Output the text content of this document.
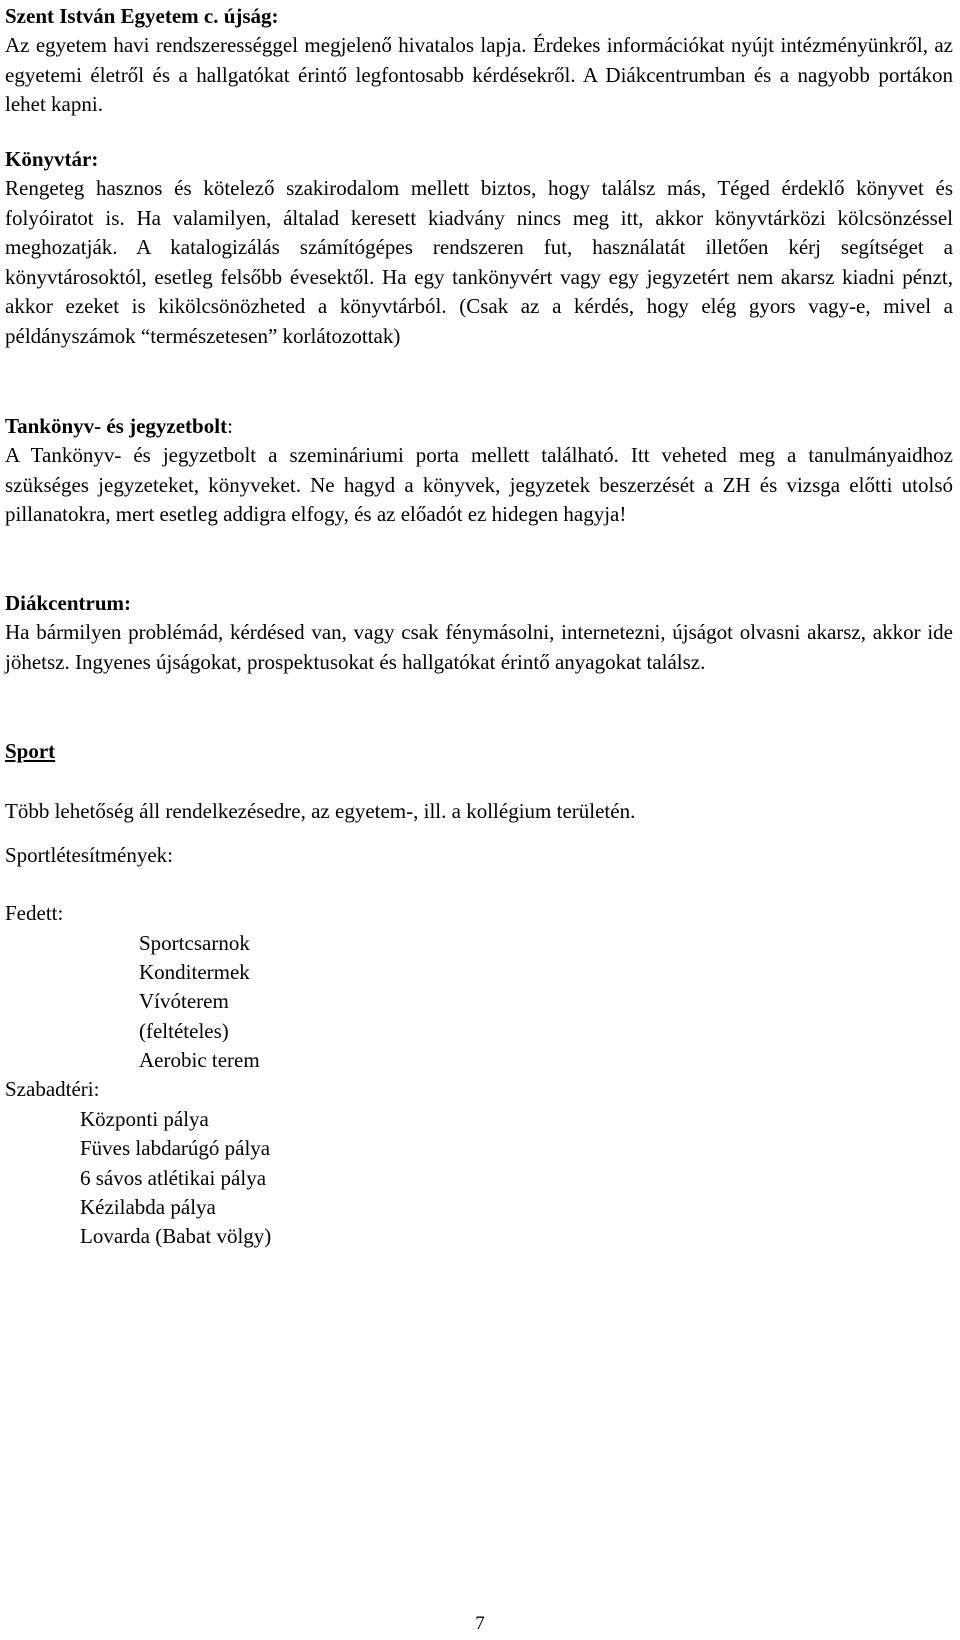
Szent István Egyetem c. újság:
Az egyetem havi rendszerességgel megjelenő hivatalos lapja. Érdekes információkat nyújt intézményünkről, az egyetemi életről és a hallgatókat érintő legfontosabb kérdésekről. A Diákcentrumban és a nagyobb portákon lehet kapni.
Könyvtár:
Rengeteg hasznos és kötelező szakirodalom mellett biztos, hogy találsz más, Téged érdeklő könyvet és folyóiratot is. Ha valamilyen, általad keresett kiadvány nincs meg itt, akkor könyvtárközi kölcsönzéssel meghozatják. A katalogizálás számítógépes rendszeren fut, használatát illetően kérj segítséget a könyvtárosoktól, esetleg felsőbb évesektől. Ha egy tankönyvért vagy egy jegyzetért nem akarsz kiadni pénzt, akkor ezeket is kikölcsönözheted a könyvtárból. (Csak az a kérdés, hogy elég gyors vagy-e, mivel a példányszámok “természetesen” korlátozottak)
Tankönyv- és jegyzetbolt:
A Tankönyv- és jegyzetbolt a szemináriumi porta mellett található. Itt veheted meg a tanulmányaidhoz szükséges jegyzeteket, könyveket. Ne hagyd a könyvek, jegyzetek beszerzését a ZH és vizsga előtti utolsó pillanatokra, mert esetleg addigra elfogy, és az előadót ez hidegen hagyja!
Diákcentrum:
Ha bármilyen problémád, kérdésed van, vagy csak fénymásolni, internetezni, újságot olvasni akarsz, akkor ide jöhetsz. Ingyenes újságokat, prospektusokat és hallgatókat érintő anyagokat találsz.
Sport
Több lehetőség áll rendelkezésedre, az egyetem-, ill. a kollégium területén.
Sportlétesítmények:
Fedett:
Sportcsarnok
Konditermek
Vívóterem
(feltételes)
Aerobic terem
Szabadtéri:
Központi pálya
Füves labdarúgó pálya
6 sávos atlétikai pálya
Kézilabda pálya
Lovarda (Babat völgy)
7
